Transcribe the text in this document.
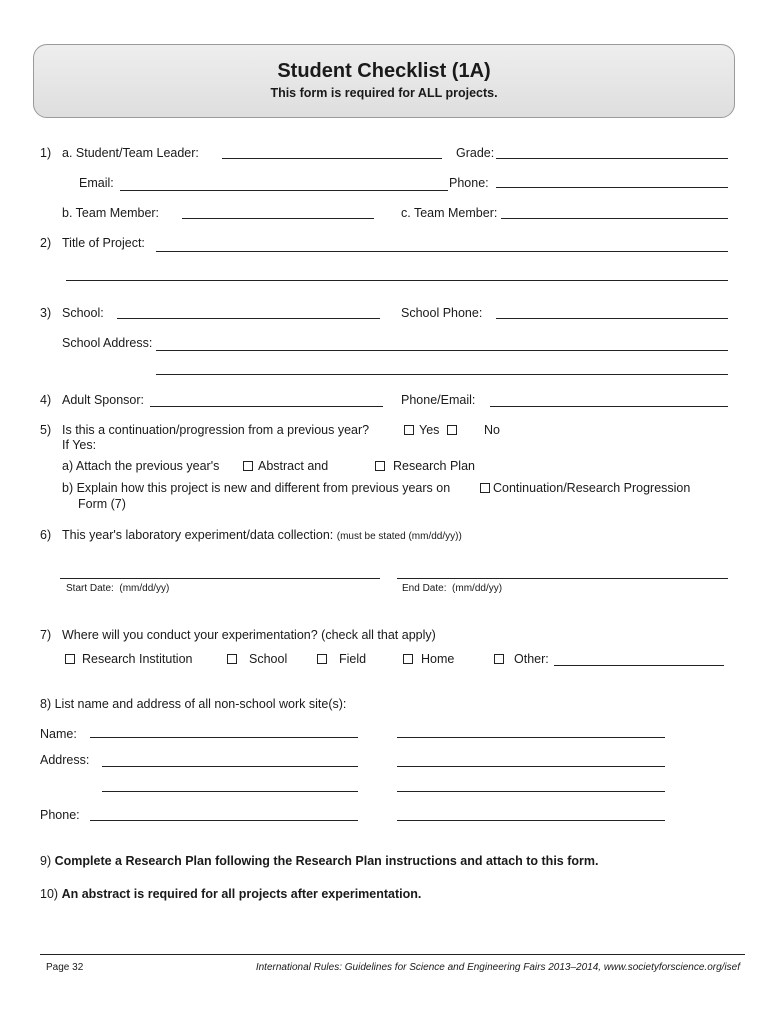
Student Checklist (1A)
This form is required for ALL projects.
1) a. Student/Team Leader:	Grade:
Email:	Phone:
b. Team Member:	c. Team Member:
2) Title of Project:
3) School:	School Phone:
School Address:
4) Adult Sponsor:	Phone/Email:
5) Is this a continuation/progression from a previous year?	Yes	No
If Yes:
a) Attach the previous year's	Abstract and	Research Plan
b) Explain how this project is new and different from previous years on	Continuation/Research Progression
Form (7)
6) This year's laboratory experiment/data collection: (must be stated (mm/dd/yy))
Start Date: (mm/dd/yy)	End Date: (mm/dd/yy)
7) Where will you conduct your experimentation? (check all that apply)
Research Institution	School	Field	Home	Other:
8) List name and address of all non-school work site(s):
Name:
Address:
Phone:
9) Complete a Research Plan following the Research Plan instructions and attach to this form.
10) An abstract is required for all projects after experimentation.
Page 32	International Rules: Guidelines for Science and Engineering Fairs 2013–2014, www.societyforscience.org/isef
